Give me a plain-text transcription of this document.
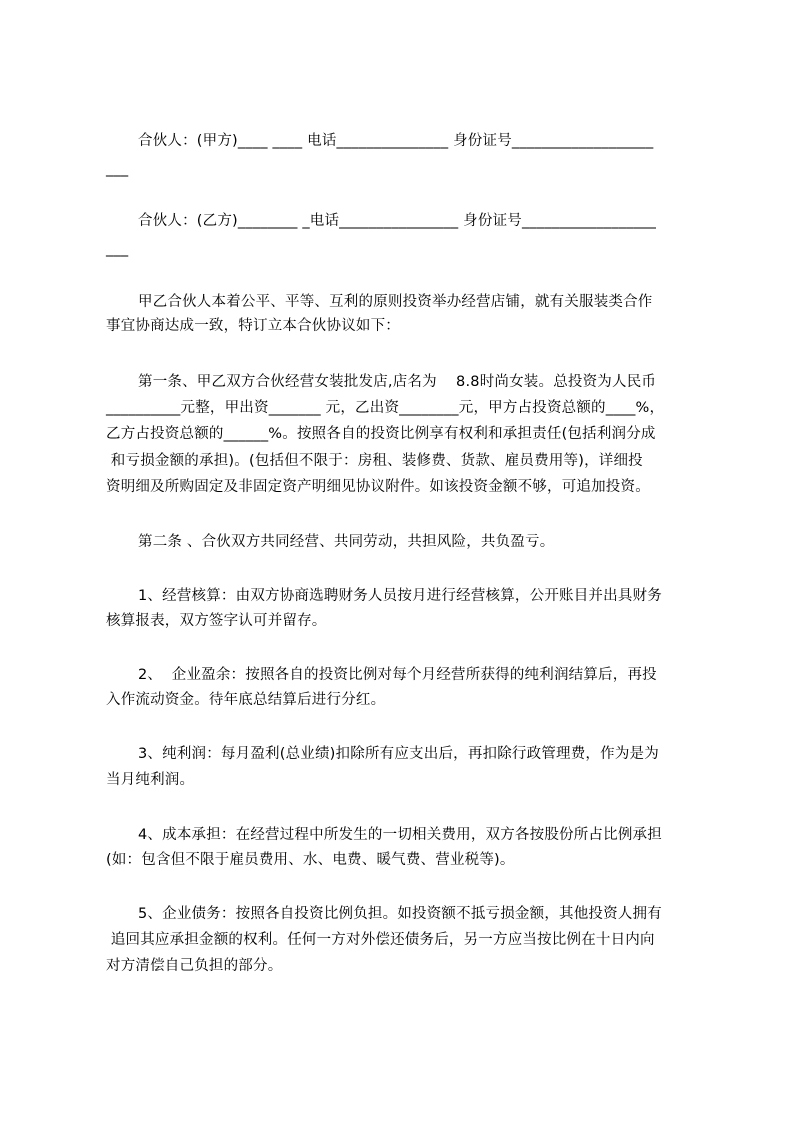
合伙人：(甲方)____ ____ 电话_______________ 身份证号___________________
___
合伙人：(乙方)________ _电话________________ 身份证号__________________
___
甲乙合伙人本着公平、平等、互利的原则投资举办经营店铺，就有关服装类合作
事宜协商达成一致，特订立本合伙协议如下：
第一条、甲乙双方合伙经营女装批发店,店名为    8.8时尚女装。总投资为人民币
__________元整，甲出资_______ 元，乙出资________元，甲方占投资总额的____%，
乙方占投资总额的______%。按照各自的投资比例享有权利和承担责任(包括利润分成
和亏损金额的承担)。(包括但不限于：房租、装修费、货款、雇员费用等)，详细投
资明细及所购固定及非固定资产明细见协议附件。如该投资金额不够，可追加投资。
第二条 、合伙双方共同经营、共同劳动，共担风险，共负盈亏。
1、经营核算：由双方协商选聘财务人员按月进行经营核算，公开账目并出具财务
核算报表，双方签字认可并留存。
2、  企业盈余：按照各自的投资比例对每个月经营所获得的纯利润结算后，再投
入作流动资金。待年底总结算后进行分红。
3、纯利润：每月盈利(总业绩)扣除所有应支出后，再扣除行政管理费，作为是为
当月纯利润。
4、成本承担：在经营过程中所发生的一切相关费用，双方各按股份所占比例承担
(如：包含但不限于雇员费用、水、电费、暖气费、营业税等)。
5、企业债务：按照各自投资比例负担。如投资额不抵亏损金额，其他投资人拥有
追回其应承担金额的权利。任何一方对外偿还债务后，另一方应当按比例在十日内向
对方清偿自己负担的部分。
